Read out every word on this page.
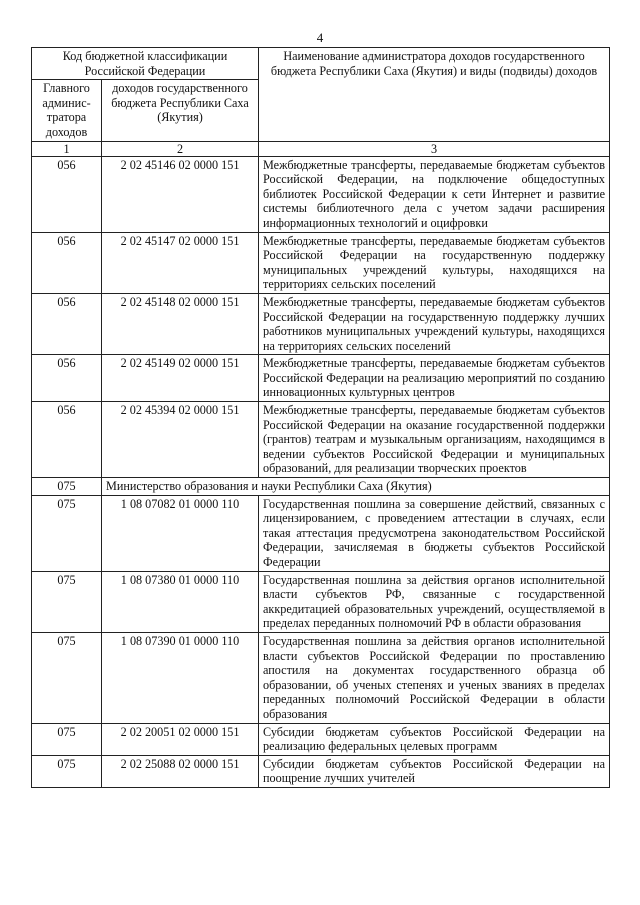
4
Код бюджетной классификации Российской Федерации		Наименование администратора доходов государственного бюджета Республики Саха (Якутия) и виды (подвиды) доходов
Главного админис-тратора доходов	доходов государственного бюджета Республики Саха (Якутия)	
1	2	3
056	2 02 45146 02 0000 151	Межбюджетные трансферты, передаваемые бюджетам субъектов Российской Федерации, на подключение общедоступных библиотек Российской Федерации к сети Интернет и развитие системы библиотечного дела с учетом задачи расширения информационных технологий и оцифровки
056	2 02 45147 02 0000 151	Межбюджетные трансферты, передаваемые бюджетам субъектов Российской Федерации на государственную поддержку муниципальных учреждений культуры, находящихся на территориях сельских поселений
056	2 02 45148 02 0000 151	Межбюджетные трансферты, передаваемые бюджетам субъектов Российской Федерации на государственную поддержку лучших работников муниципальных учреждений культуры, находящихся на территориях сельских поселений
056	2 02 45149 02 0000 151	Межбюджетные трансферты, передаваемые бюджетам субъектов Российской Федерации на реализацию мероприятий по созданию инновационных культурных центров
056	2 02 45394 02 0000 151	Межбюджетные трансферты, передаваемые бюджетам субъектов Российской Федерации на оказание государственной поддержки (грантов) театрам и музыкальным организациям, находящимся в ведении субъектов Российской Федерации и муниципальных образований, для реализации творческих проектов
075	Министерство образования и науки Республики Саха (Якутия)	
075	1 08 07082 01 0000 110	Государственная пошлина за совершение действий, связанных с лицензированием, с проведением аттестации в случаях, если такая аттестация предусмотрена законодательством Российской Федерации, зачисляемая в бюджеты субъектов Российской Федерации
075	1 08 07380 01 0000 110	Государственная пошлина за действия органов исполнительной власти субъектов РФ, связанные с государственной аккредитацией образовательных учреждений, осуществляемой в пределах переданных полномочий РФ в области образования
075	1 08 07390 01 0000 110	Государственная пошлина за действия органов исполнительной власти субъектов Российской Федерации по проставлению апостиля на документах государственного образца об образовании, об ученых степенях и ученых званиях в пределах переданных полномочий Российской Федерации в области образования
075	2 02 20051 02 0000 151	Субсидии бюджетам субъектов Российской Федерации на реализацию федеральных целевых программ
075	2 02 25088 02 0000 151	Субсидии бюджетам субъектов Российской Федерации на поощрение лучших учителей
